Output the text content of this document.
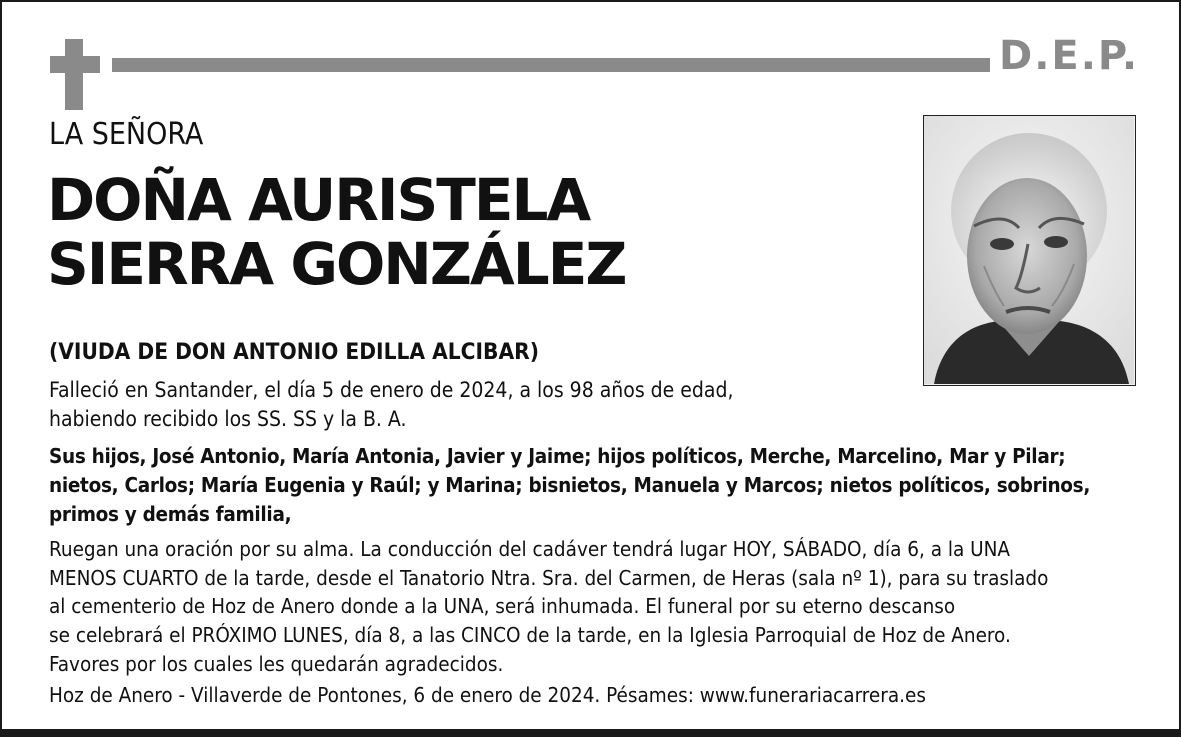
D.E.P.
LA SEÑORA
DOÑA AURISTELA
SIERRA GONZÁLEZ
(VIUDA DE DON ANTONIO EDILLA ALCIBAR)
Falleció en Santander, el día 5 de enero de 2024, a los 98 años de edad,
habiendo recibido los SS. SS y la B. A.
Sus hijos, José Antonio, María Antonia, Javier y Jaime; hijos políticos, Merche, Marcelino, Mar y Pilar;
nietos, Carlos; María Eugenia y Raúl; y Marina; bisnietos, Manuela y Marcos; nietos políticos, sobrinos,
primos y demás familia,
Ruegan una oración por su alma. La conducción del cadáver tendrá lugar HOY, SÁBADO, día 6, a la UNA
MENOS CUARTO de la tarde, desde el Tanatorio Ntra. Sra. del Carmen, de Heras (sala nº 1), para su traslado
al cementerio de Hoz de Anero donde a la UNA, será inhumada. El funeral por su eterno descanso
se celebrará el PRÓXIMO LUNES, día 8, a las CINCO de la tarde, en la Iglesia Parroquial de Hoz de Anero.
Favores por los cuales les quedarán agradecidos.
Hoz de Anero - Villaverde de Pontones, 6 de enero de 2024. Pésames: www.funerariacarrera.es
